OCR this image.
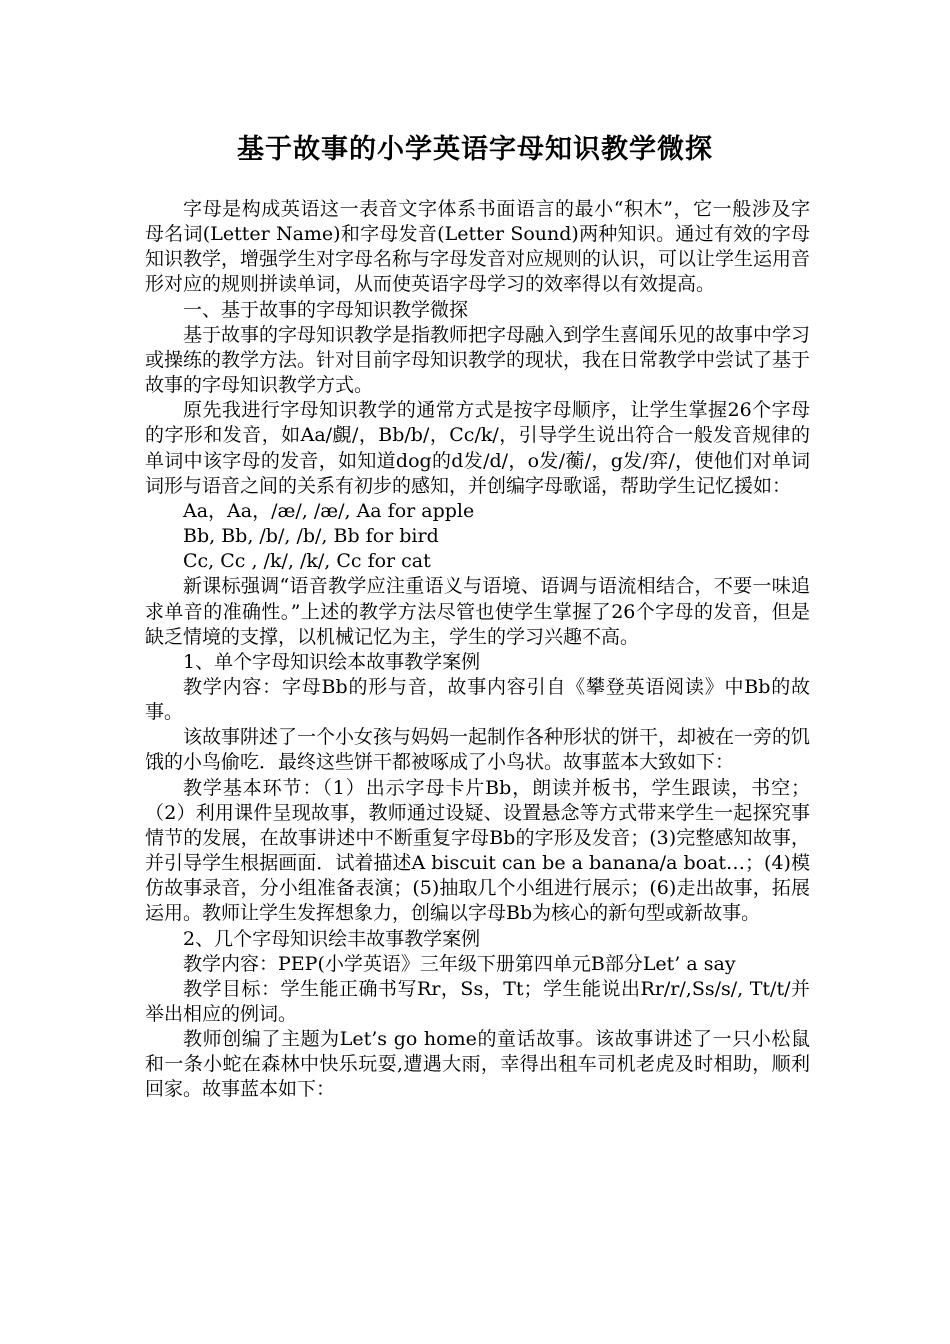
基于故事的小学英语字母知识教学微探

字母是构成英语这一表音文字体系书面语言的最小“积木”，它一般涉及字母名词(Letter Name)和字母发音(Letter Sound)两种知识。通过有效的字母知识教学，增强学生对字母名称与字母发音对应规则的认识，可以让学生运用音形对应的规则拼读单词，从而使英语字母学习的效率得以有效提高。

一、基于故事的字母知识教学微探

基于故事的字母知识教学是指教师把字母融入到学生喜闻乐见的故事中学习或操练的教学方法。针对目前字母知识教学的现状，我在日常教学中尝试了基于故事的字母知识教学方式。

原先我进行字母知识教学的通常方式是按字母顺序，让学生掌握26个字母的字形和发音，如Aa/覻/，Bb/b/，Cc/k/，引导学生说出符合一般发音规律的单词中该字母的发音，如知道dog的d发/d/，o发/蘅/，g发/弈/，使他们对单词词形与语音之间的关系有初步的感知，并创编字母歌谣，帮助学生记忆援如：

Aa，Aa，/æ/, /æ/, Aa for apple

Bb, Bb, /b/, /b/, Bb for bird

Cc, Cc , /k/, /k/, Cc for cat

新课标强调“语音教学应注重语义与语境、语调与语流相结合，不要一味追求单音的准确性。”上述的教学方法尽管也使学生掌握了26个字母的发音，但是缺乏情境的支撑，以机械记忆为主，学生的学习兴趣不高。

1、单个字母知识绘本故事教学案例

教学内容：字母Bb的形与音，故事内容引自《攀登英语阅读》中Bb的故事。

该故事阱述了一个小女孩与妈妈一起制作各种形状的饼干，却被在一旁的饥饿的小鸟偷吃．最终这些饼干都被啄成了小鸟状。故事蓝本大致如下：

教学基本环节：（1）出示字母卡片Bb，朗读并板书，学生跟读，书空；（2）利用课件呈现故事，教师通过设疑、设置悬念等方式带来学生一起探究事情节的发展，在故事讲述中不断重复字母Bb的字形及发音；(3)完整感知故事，并引导学生根据画面．试着描述A biscuit can be a banana/a boat…；(4)模仿故事录音，分小组准备表演；(5)抽取几个小组进行展示；(6)走出故事，拓展运用。教师让学生发挥想象力，创编以字母Bb为核心的新句型或新故事。

2、几个字母知识绘丰故事教学案例

教学内容：PEP(小学英语》三年级下册第四单元B部分Let’ a say

教学目标：学生能正确书写Rr，Ss，Tt；学生能说出Rr/r/,Ss/s/, Tt/t/并举出相应的例词。

教师创编了主题为Let’s go home的童话故事。该故事讲述了一只小松鼠和一条小蛇在森林中快乐玩耍,遭遇大雨，幸得出租车司机老虎及时相助，顺利回家。故事蓝本如下：
